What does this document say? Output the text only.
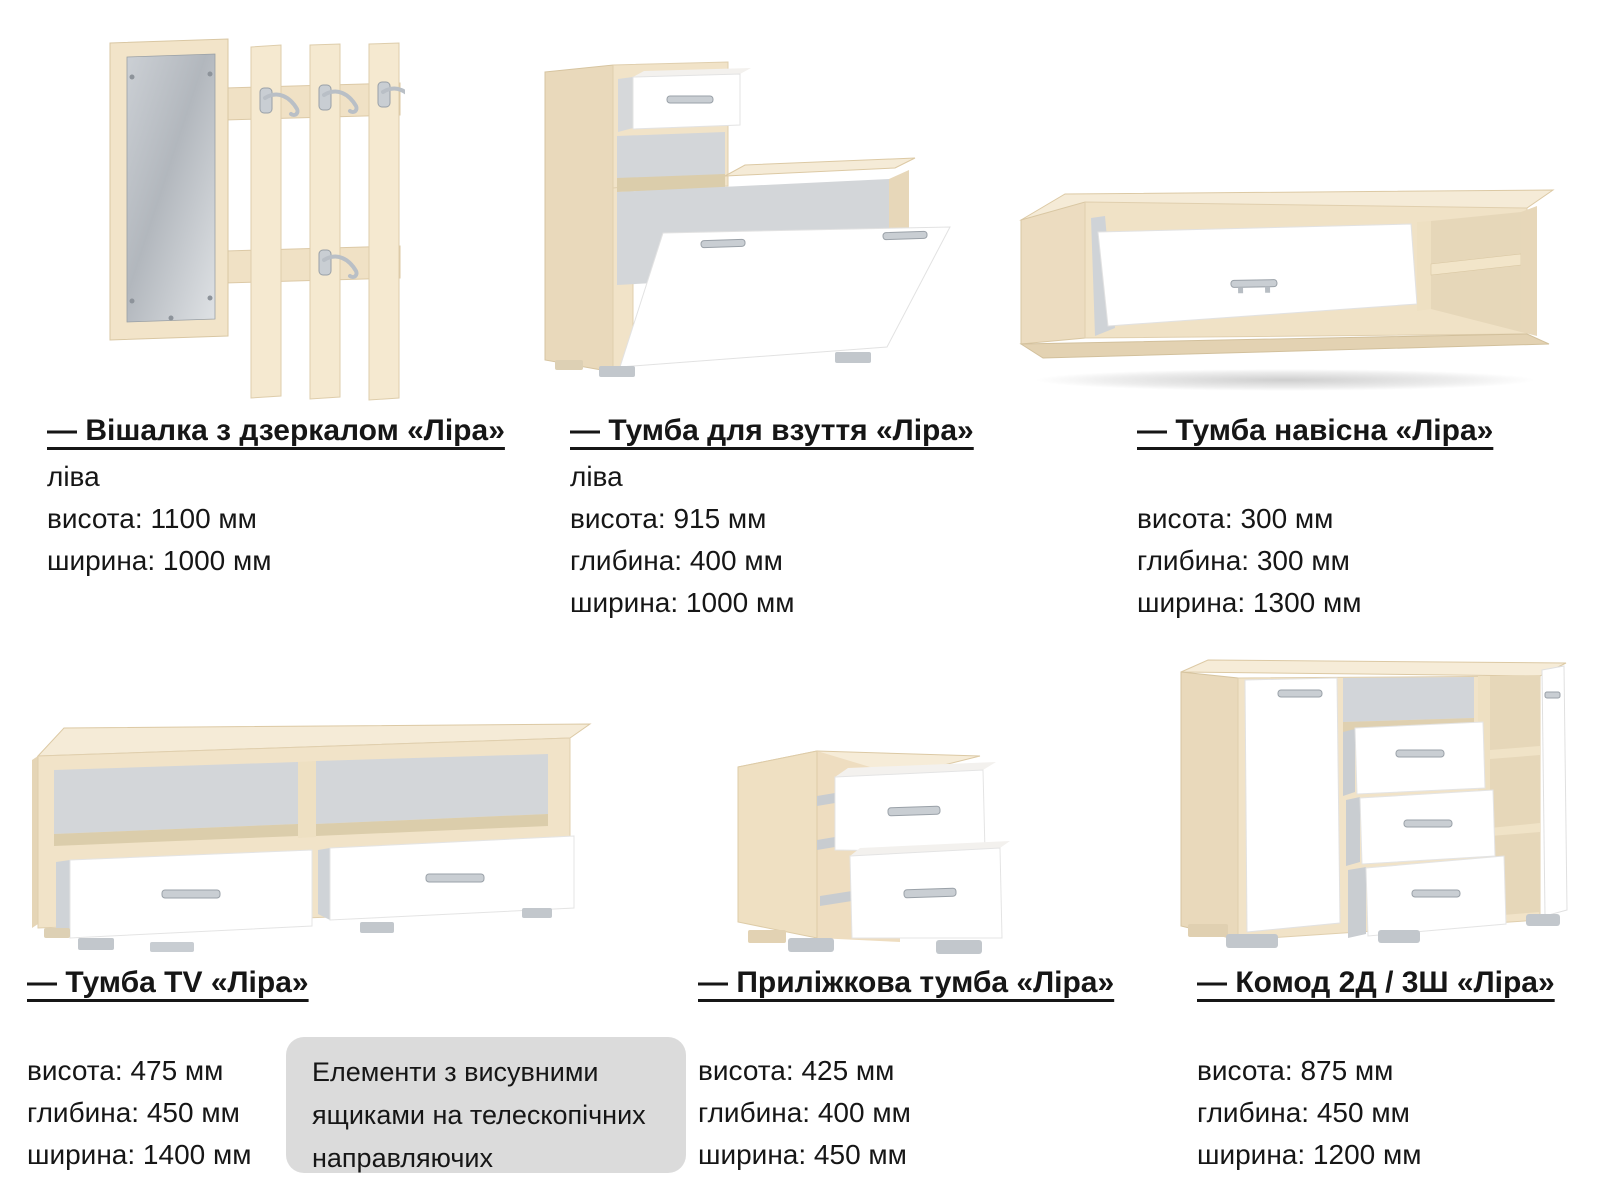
— Вішалка з дзеркалом «Ліра»
ліва
висота: 1100 мм
ширина: 1000 мм
— Тумба для взуття «Ліра»
ліва
висота: 915 мм
глибина: 400 мм
ширина: 1000 мм
— Тумба навісна «Ліра»
висота: 300 мм
глибина: 300 мм
ширина: 1300 мм
— Тумба TV «Ліра»
висота: 475 мм
глибина: 450 мм
ширина: 1400 мм
— Приліжкова тумба «Ліра»
висота: 425 мм
глибина: 400 мм
ширина: 450 мм
— Комод 2Д / 3Ш «Ліра»
висота: 875 мм
глибина: 450 мм
ширина: 1200 мм
Елементи з висувними ящиками на телескопічних направляючих
